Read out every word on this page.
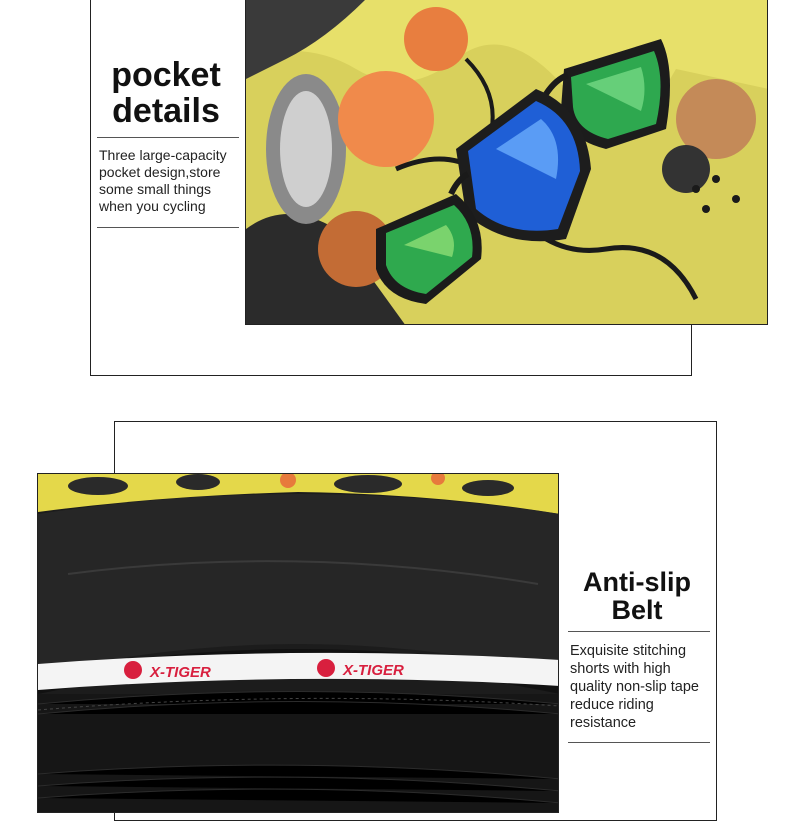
pocket
details

Three large-capacity pocket design,store some small things when you cycling

X-TIGER	X-TIGER
Anti-slip
Belt

Exquisite stitching shorts with high quality non-slip tape reduce riding resistance
